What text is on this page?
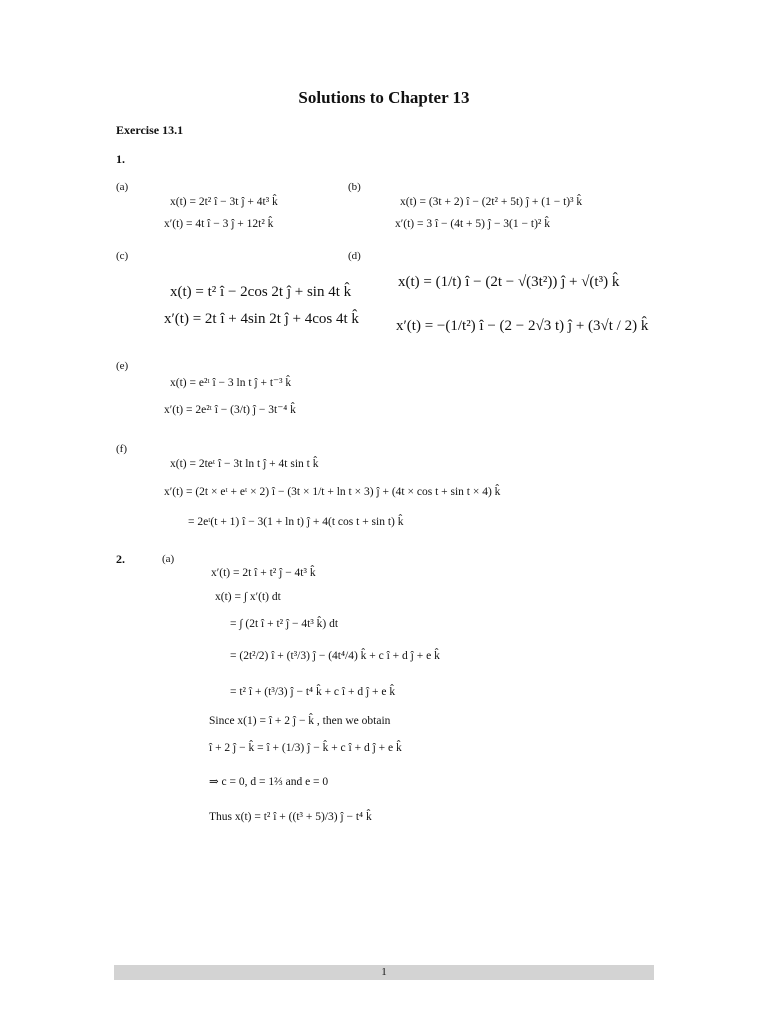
Solutions to Chapter 13
Exercise 13.1
1.
(a)
x(t) = 2t² î − 3t ĵ + 4t³ k̂
x′(t) = 4t î − 3 ĵ + 12t² k̂
(b)
x(t) = (3t + 2) î − (2t² + 5t) ĵ + (1 − t)³ k̂
x′(t) = 3 î − (4t + 5) ĵ − 3(1 − t)² k̂
(c)
x(t) = t² î − 2cos 2t ĵ + sin 4t k̂
x′(t) = 2t î + 4sin 2t ĵ + 4cos 4t k̂
(d)
x(t) = (1/t) î − (2t − √(3t²)) ĵ + √(t³) k̂
x′(t) = −(1/t²) î − (2 − 2√3 t) ĵ + (3√t / 2) k̂
(e)
x(t) = e²ᵗ î − 3 ln t ĵ + t⁻³ k̂
x′(t) = 2e²ᵗ î − (3/t) ĵ − 3t⁻⁴ k̂
(f)
x(t) = 2teᵗ î − 3t ln t ĵ + 4t sin t k̂
x′(t) = (2t × eᵗ + eᵗ × 2) î − (3t × 1/t + ln t × 3) ĵ + (4t × cos t + sin t × 4) k̂
= 2eᵗ(t + 1) î − 3(1 + ln t) ĵ + 4(t cos t + sin t) k̂
2.	(a)
x′(t) = 2t î + t² ĵ − 4t³ k̂
x(t) = ∫ x′(t) dt
= ∫ (2t î + t² ĵ − 4t³ k̂) dt
= (2t²/2) î + (t³/3) ĵ − (4t⁴/4) k̂ + c î + d ĵ + e k̂
= t² î + (t³/3) ĵ − t⁴ k̂ + c î + d ĵ + e k̂
Since x(1) = î + 2 ĵ − k̂ , then we obtain
î + 2 ĵ − k̂ = î + (1/3) ĵ − k̂ + c î + d ĵ + e k̂
⇒ c = 0, d = 1⅔ and e = 0
Thus x(t) = t² î + ((t³ + 5)/3) ĵ − t⁴ k̂
1
